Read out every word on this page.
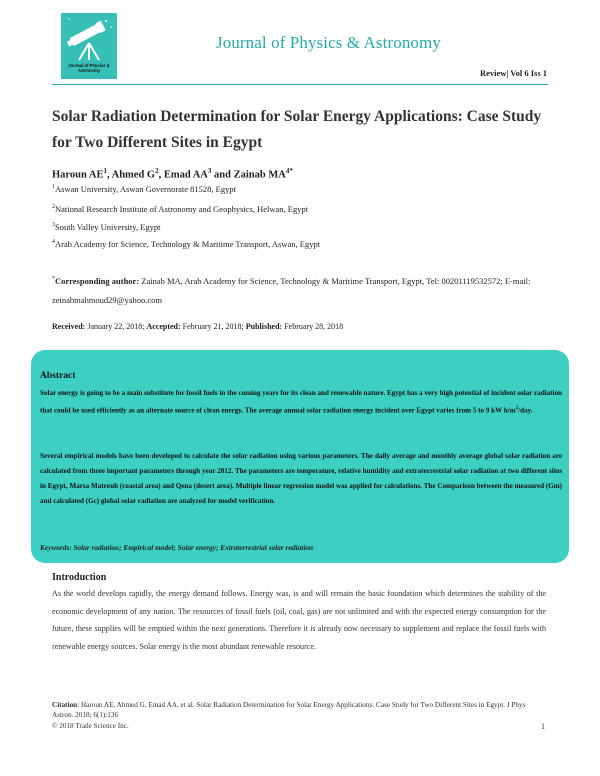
Journal of Physics & Astronomy
Journal of Physics & Astronomy
Review| Vol 6 Iss 1
Solar Radiation Determination for Solar Energy Applications: Case Study for Two Different Sites in Egypt
Haroun $AE^1$, Ahmed $G^2$, Emad $AA^3$ and Zainab $MA^{4*}$
$^1$Aswan University, Aswan Governorate 81528, Egypt
$^2$National Research Institute of Astronomy and Geophysics, Helwan, Egypt
$^3$South Valley University, Egypt
$^4$Arab Academy for Science, Technology & Maritime Transport, Aswan, Egypt
*Corresponding author: Zainab MA, Arab Academy for Science, Technology & Maritime Transport, Egypt, Tel: 00201119532572; E-mail: zeinabmahmoud29@yahoo.com
Received: January 22, 2018; Accepted: February 21, 2018; Published: February 28, 2018
Abstract
Solar energy is going to be a main substitute for fossil fuels in the coming years for its clean and renewable nature. Egypt has a very high potential of incident solar radiation that could be used efficiently as an alternate source of clean energy. The average annual solar radiation energy incident over Egypt varies from 5 to 9 kW $h/m^2$/day.
Several empirical models have been developed to calculate the solar radiation using various parameters. The daily average and monthly average global solar radiation are calculated from three important parameters through year 2012. The parameters are temperature, relative humidity and extraterrestrial solar radiation at two different sites in Egypt, Marsa Matrouh (coastal area) and Qena (desert area). Multiple linear regression model was applied for calculations. The Comparison between the measured (Gm) and calculated (Gc) global solar radiation are analyzed for model verification.
Keywords: Solar radiation; Empirical model; Solar energy; Extraterrestrial solar radiation
Introduction
As the world develops rapidly, the energy demand follows. Energy was, is and will remain the basic foundation which determines the stability of the economic development of any nation. The resources of fossil fuels (oil, coal, gas) are not unlimited and with the expected energy consumption for the future, these supplies will be emptied within the next generations. Therefore it is already now necessary to supplement and replace the fossil fuels with renewable energy sources. Solar energy is the most abundant renewable resource.
Citation: Haroun AE, Ahmed G, Emad AA, et al. Solar Radiation Determination for Solar Energy Applications: Case Study for Two Different Sites in Egypt. J Phys Astron. 2018; 6(1):136
© 2018 Trade Science Inc.	1
